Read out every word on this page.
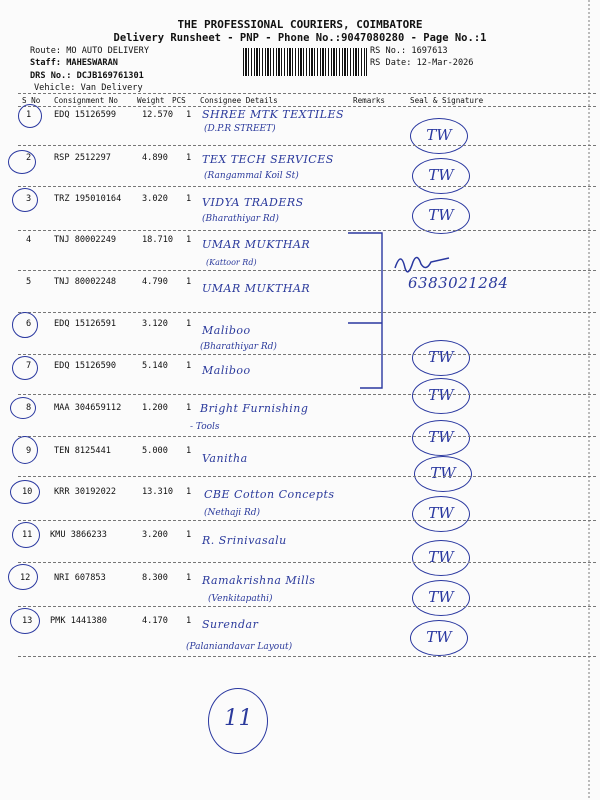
THE PROFESSIONAL COURIERS, COIMBATORE
Delivery Runsheet - PNP - Phone No.:9047080280 - Page No.:1
Route: MO AUTO DELIVERY
Staff: MAHESWARAN
DRS No.: DCJB169761301
Vehicle: Van Delivery
RS No.: 1697613
RS Date: 12-Mar-2026
S No Consignment No Weight PCS Consignee Details	Remarks	Seal & Signature
1	EDQ 15126599	12.570 1 SHREE MTK TEXTILES
(D.P.R STREET)	TW
2	RSP 2512297	4.890 1 TEX TECH SERVICES
(Rangammal Koil St)	TW
3	TRZ 195010164 3.020 1 VIDYA TRADERS
(Bharathiyar Rd)	TW
4	TNJ 80002249	18.710 1 UMAR MUKTHAR
(Kattoor Rd)
5	TNJ 80002248	4.790 1 UMAR MUKTHAR
6	EDQ 15126591	3.120 1 Maliboo
(Bharathiyar Rd)
TW
7	EDQ 15126590	5.140 1 Maliboo
TW
6383021284
8	MAA 304659112 1.200 1 Bright Furnishing
- Tools
TW
9	TEN 8125441	5.000 1
Vanitha
TW
10	KRR 30192022	13.310 1 CBE Cotton Concepts
(Nethaji Rd)	TW
11 KMU 3866233	3.200 1 R. Srinivasalu
TW
12	NRI 607853	8.300 1 Ramakrishna Mills
(Venkitapathi)	TW
13 PMK 1441380	4.170 1 Surendar
(Palaniandavar Layout)
TW
11
